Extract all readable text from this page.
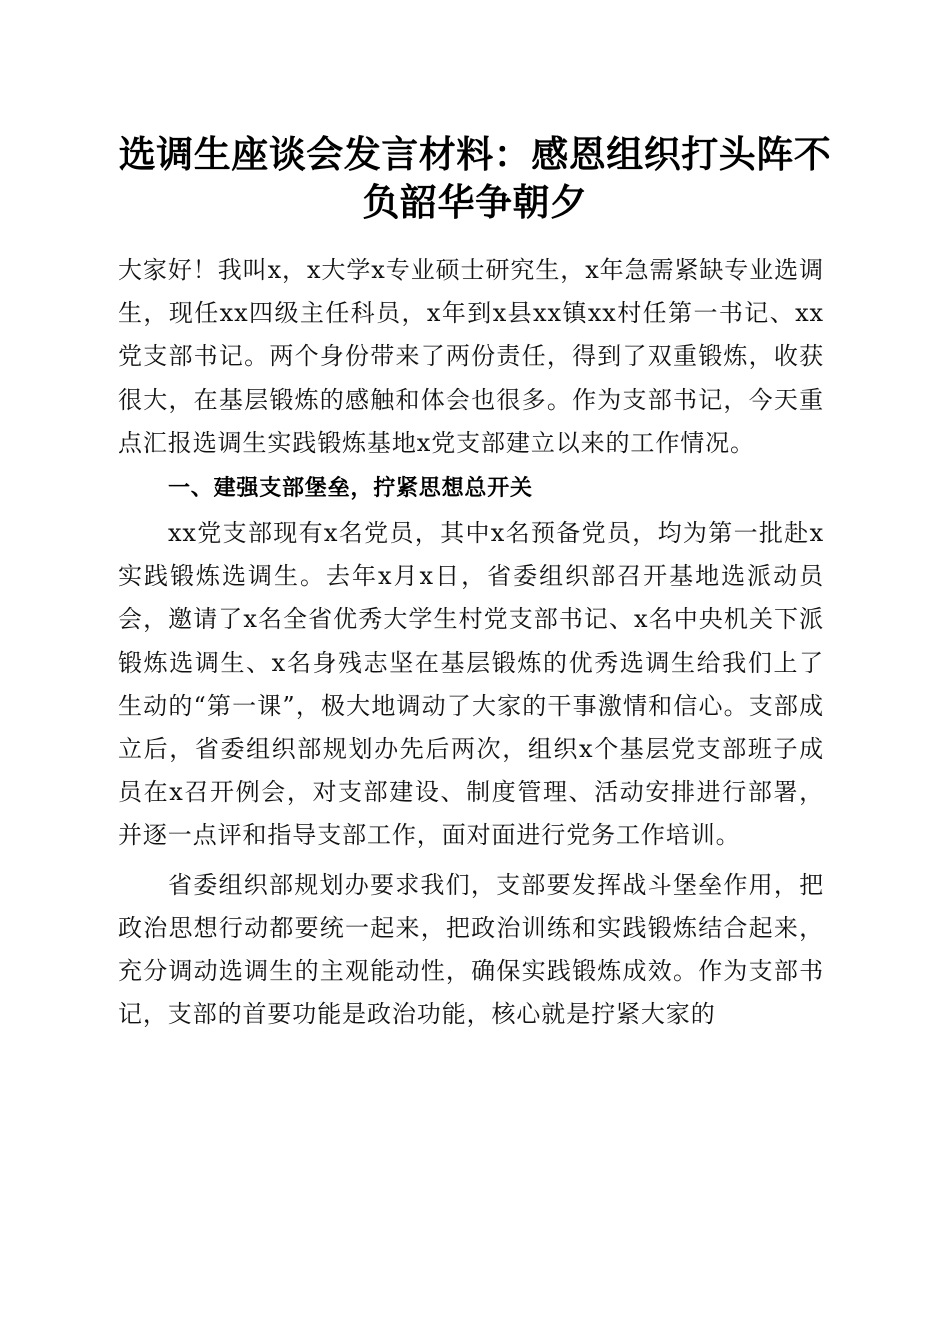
选调生座谈会发言材料：感恩组织打头阵不负韶华争朝夕

大家好！我叫x，x大学x专业硕士研究生，x年急需紧缺专业选调生，现任xx四级主任科员，x年到x县xx镇xx村任第一书记、xx党支部书记。两个身份带来了两份责任，得到了双重锻炼，收获很大，在基层锻炼的感触和体会也很多。作为支部书记，今天重点汇报选调生实践锻炼基地x党支部建立以来的工作情况。

一、建强支部堡垒，拧紧思想总开关

xx党支部现有x名党员，其中x名预备党员，均为第一批赴x实践锻炼选调生。去年x月x日，省委组织部召开基地选派动员会，邀请了x名全省优秀大学生村党支部书记、x名中央机关下派锻炼选调生、x名身残志坚在基层锻炼的优秀选调生给我们上了生动的“第一课”，极大地调动了大家的干事激情和信心。支部成立后，省委组织部规划办先后两次，组织x个基层党支部班子成员在x召开例会，对支部建设、制度管理、活动安排进行部署，并逐一点评和指导支部工作，面对面进行党务工作培训。

省委组织部规划办要求我们，支部要发挥战斗堡垒作用，把政治思想行动都要统一起来，把政治训练和实践锻炼结合起来，充分调动选调生的主观能动性，确保实践锻炼成效。作为支部书记，支部的首要功能是政治功能，核心就是拧紧大家的
